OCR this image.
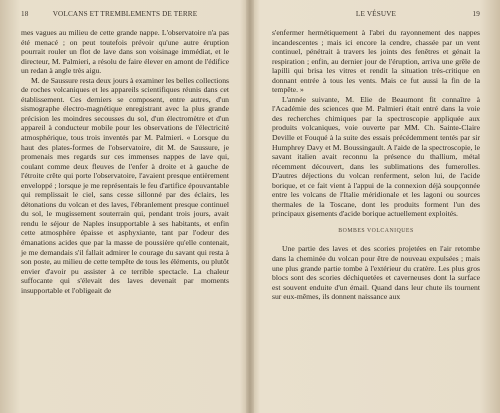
18	VOLCANS ET TREMBLEMENTS DE TERRE

mes vagues au milieu de cette grande nappe. L'observatoire n'a pas été menacé ; on peut toutefois prévoir qu'une autre éruption pourrait rouler un flot de lave dans son voisinage immédiat, et le directeur, M. Palmieri, a résolu de faire élever en amont de l'édifice un redan à angle très aigu.

M. de Saussure resta deux jours à examiner les belles collections de roches volcaniques et les appareils scientifiques réunis dans cet établissement. Ces derniers se composent, entre autres, d'un sismographe électro-magnétique enregistrant avec la plus grande précision les moindres secousses du sol, d'un électromètre et d'un appareil à conducteur mobile pour les observations de l'électricité atmosphérique, tous trois inventés par M. Palmieri. « Lorsque du haut des plates-formes de l'observatoire, dit M. de Saussure, je promenais mes regards sur ces immenses nappes de lave qui, coulant comme deux fleuves de l'enfer à droite et à gauche de l'étroite crête qui porte l'observatoire, l'avaient presque entièrement enveloppé ; lorsque je me représentais le feu d'artifice épouvantable qui remplissait le ciel, sans cesse sillonné par des éclairs, les détonations du volcan et des laves, l'ébranlement presque continuel du sol, le mugissement souterrain qui, pendant trois jours, avait rendu le séjour de Naples insupportable à ses habitants, et enfin cette atmosphère épaisse et asphyxiante, tant par l'odeur des émanations acides que par la masse de poussière qu'elle contenait, je me demandais s'il fallait admirer le courage du savant qui resta à son poste, au milieu de cette tempête de tous les éléments, ou plutôt envier d'avoir pu assister à ce terrible spectacle. La chaleur suffocante qui s'élevait des laves devenait par moments insupportable et l'obligeait de

LE VÉSUVE	19

s'enfermer hermétiquement à l'abri du rayonnement des nappes incandescentes ; mais ici encore la cendre, chassée par un vent continuel, pénétrait à travers les joints des fenêtres et génait la respiration ; enfin, au dernier jour de l'éruption, arriva une grêle de lapilli qui brisa les vitres et rendit la situation très-critique en donnant entrée à tous les vents. Mais ce fut aussi la fin de la tempête. »

L'année suivante, M. Elie de Beaumont fit connaître à l'Académie des sciences que M. Palmieri était entré dans la voie des recherches chimiques par la spectroscopie appliquée aux produits volcaniques, voie ouverte par MM. Ch. Sainte-Claire Deville et Fouqué à la suite des essais précédemment tentés par sir Humphrey Davy et M. Boussingault. A l'aide de la spectroscopie, le savant italien avait reconnu la présence du thallium, métal récemment découvert, dans les sublimations des fumerolles. D'autres déjections du volcan renferment, selon lui, de l'acide borique, et ce fait vient à l'appui de la connexion déjà soupçonnée entre les volcans de l'Italie méridionale et les lagoni ou sources thermales de la Toscane, dont les produits forment l'un des principaux gisements d'acide borique actuellement exploités.

BOMBES VOLCANIQUES

Une partie des laves et des scories projetées en l'air retombe dans la cheminée du volcan pour être de nouveau expulsées ; mais une plus grande partie tombe à l'extérieur du cratère. Les plus gros blocs sont des scories déchiquetées et caverneuses dont la surface est souvent enduite d'un émail. Quand dans leur chute ils tournent sur eux-mêmes, ils donnent naissance aux
